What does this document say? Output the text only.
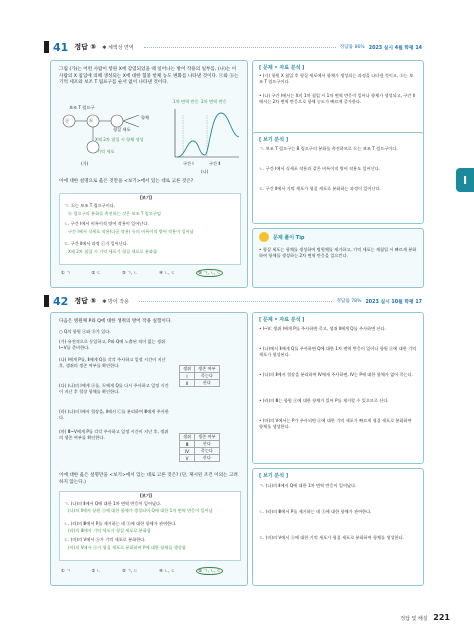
41 정답 ⑤ ✱ 체액성 면역	정답률 86% 2023 실시 4월 학평 14
그림 (가)는 어떤 사람이 항원 X에 감염되었을 때 일어나는 방어 작용의 일부를, (나)는 이 사람의 X 침입에 의해 생성되는 X에 대한 혈중 항체 농도 변화를 나타낸 것이다. ⓐ와 ⓑ는 기억 세포와 보조 T 림프구를 순서 없이 나타낸 것이다.
보조 T 림프구
ⓐ	ⓑ
형질 세포
항체
(가)
X에 2차 침입 시 항체 생성
기억 세포
1차 면역 반응 2차 면역 반응
구간 Ⅰ	구간 Ⅱ
(나)
이에 대한 설명으로 옳은 것만을 <보기>에서 있는 대로 고른 것은?
[보기]
ㄱ. ⓑ는 보조 T 림프구이다.
ⓑ 림프구의 분화를 촉진하는 것은 보조 T 림프구임
ㄴ. 구간 Ⅰ에서 비특이적 방어 작용이 일어난다.
구간 Ⅰ에서 식세포 작용(다군 작용) 등의 비특이적 방어 작용이 일어남
ㄷ. 구간 Ⅱ에서 과정 ⓒ가 일어난다.
X에 2차 침입 시 기억 세포가 형질 세포로 분화함
① ㄱ	② ㄷ	③ ㄱ, ㄴ	④ ㄴ, ㄷ	⑤ ㄱ, ㄴ, ㄷ
[ 문제 • 자료 분석 ]
• (가) 항원 X 침입 후 형질 세포에서 항체가 생성되는 과정을 나타낸 것이고, ⓑ는 보조 T 림프구이다.
• (나) 구간 Ⅰ에서는 X의 1차 침입 시 1차 면역 반응이 일어나 항체가 생성되고, 구간 Ⅱ에서는 2차 면역 반응으로 항체 농도가 빠르게 증가한다.
[ 보기 분석 ]
ㄱ. 보조 T 림프구는 B 림프구의 분화를 촉진하므로 ⓑ는 보조 T 림프구이다.
ㄴ. 구간 Ⅰ에서 식세포 작용과 같은 비특이적 방어 작용도 일어난다.
ㄷ. 구간 Ⅱ에서 기억 세포가 형질 세포로 분화하는 과정이 일어난다.
문제 풀이 Tip
• 형질 세포는 항체를 생성하여 병원체를 제거하고, 기억 세포는 재침입 시 빠르게 분화하여 항체를 생성하는 2차 면역 반응을 일으킨다.
42 정답 ⑤ ✱ 방어 작용	정답률 78% 2023 실시 10월 학평 17
다음은 병원체 P와 Q에 대한 생쥐의 방어 작용 실험이다.
○ Q의 항원 ⓐ와 ⓑ가 있다.
(가) 유전적으로 동일하고, P와 Q에 노출된 적이 없는 생쥐 Ⅰ~Ⅴ를 준비한다.
(나) Ⅰ에게 P를, Ⅱ에게 Q를 각각 주사하고 일정 시간이 지난 후, 생쥐의 생존 여부를 확인한다.
(다) (나)의 Ⅰ에게 ⓐ를, ⓑ에게 Q를 다시 주사하고 일정 시간이 지난 후 혈장 항체를 확인한다.
(라) (나)의 Ⅰ에서 혈장을, Ⅱ에서 ⓒ를 분리하여 Ⅲ에게 주사한다.
(마) Ⅲ~Ⅴ에게 P를 각각 주사하고 일정 시간이 지난 후, 생쥐의 생존 여부를 확인한다.
생쥐	생존 여부
Ⅰ	죽는다
Ⅱ	산다
생쥐	생존 여부
Ⅲ	산다
Ⅳ	죽는다
Ⅴ	산다
이에 대한 옳은 설명만을 <보기>에서 있는 대로 고른 것은? (단, 제시된 조건 이외는 고려하지 않는다.)
[보기]
ㄱ. (나)의 Ⅱ에서 Q에 대한 1차 면역 반응이 일어났다.
(나)의 Ⅱ에서 항원 ⓐ에 대한 항체가 생성되어 Q에 대한 1차 면역 반응이 일어남
ㄴ. (라)의 Ⅲ에서 P를 제거하는 데 ⓐ에 대한 항체가 관여한다.
(라)의 Ⅲ에서 기억 세포가 형질 세포로 분화함
ㄷ. (마)의 Ⅴ에서 ⓐ가 기억 세포로 분화한다.
(마)의 Ⅴ에서 ⓐ가 형질 세포로 분화하여 P에 대한 항체를 생성함
① ㄱ	② ㄴ	③ ㄱ, ㄷ	④ ㄴ, ㄷ	⑤ ㄱ, ㄴ, ㄷ
[ 문제 • 자료 분석 ]
• Ⅰ~Ⅴ: 생쥐 Ⅰ에게 P를 주사하면 죽고, 생쥐 Ⅱ에게 Q를 주사하면 산다.
• (나)에서 Ⅱ에게 Q를 주사하면 Q에 대한 1차 면역 반응이 일어나 항원 ⓐ에 대한 기억 세포가 형성된다.
• (다)의 Ⅱ에서 혈장을 분리하여 Ⅳ에게 주사하면, Ⅳ는 P에 대한 항체가 없어 죽는다.
• (라)의 Ⅲ는 항원 ⓐ에 대한 항체가 있어 P를 제거할 수 있으므로 산다.
• (마)의 Ⅴ에서는 P가 주사되면 ⓐ에 대한 기억 세포가 빠르게 형질 세포로 분화하여 항체를 생성한다.
[ 보기 분석 ]
ㄱ. (나)의 Ⅱ에서 Q에 대한 1차 면역 반응이 일어났다.
ㄴ. (라)의 Ⅲ에서 P를 제거하는 데 ⓐ에 대한 항체가 관여한다.
ㄷ. (마)의 Ⅴ에서 ⓐ에 대한 기억 세포가 형질 세포로 분화하여 항체를 생성한다.
Ⅰ
정답 및 해설 221
